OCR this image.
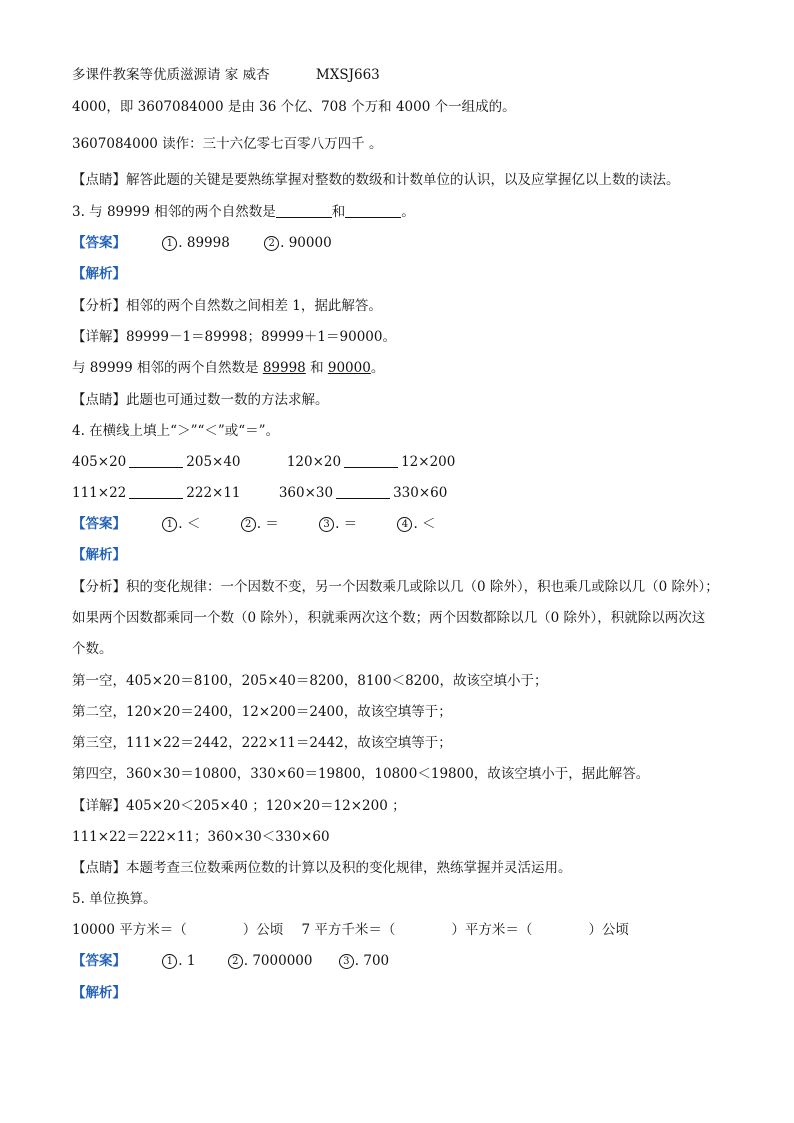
多课件教案等优质滋源请 家 威杏	MXSJ663
4000，即 3607084000 是由 36 个亿、708 个万和 4000 个一组成的。
3607084000 读作：三十六亿零七百零八万四千 。
【点睛】解答此题的关键是要熟练掌握对整数的数级和计数单位的认识，以及应掌握亿以上数的读法。
3. 与 89999 相邻的两个自然数是	和	。
【答案】	1 . 89998	2 . 90000
【解析】
【分析】相邻的两个自然数之间相差 1，据此解答。
【详解】89999－1＝89998；89999＋1＝90000。
与 89999 相邻的两个自然数是 89998 和 90000。
【点睛】此题也可通过数一数的方法求解。
4. 在横线上填上“＞”“＜”或“＝”。
405×20	205×40	120×20	12×200
111×22	222×11	360×30	330×60
【答案】	1 . ＜	2 . ＝	3 . ＝	4 . ＜
【解析】
【分析】积的变化规律：一个因数不变，另一个因数乘几或除以几（0 除外），积也乘几或除以几（0 除外）；
如果两个因数都乘同一个数（0 除外），积就乘两次这个数；两个因数都除以几（0 除外），积就除以两次这
个数。
第一空，405×20＝8100，205×40＝8200，8100＜8200，故该空填小于；
第二空，120×20＝2400，12×200＝2400，故该空填等于；
第三空，111×22＝2442，222×11＝2442，故该空填等于；
第四空，360×30＝10800，330×60＝19800，10800＜19800，故该空填小于，据此解答。
【详解】405×20＜205×40 ；120×20＝12×200 ；
111×22＝222×11；360×30＜330×60
【点睛】本题考查三位数乘两位数的计算以及积的变化规律，熟练掌握并灵活运用。
5. 单位换算。
10000 平方米＝（	）公顷 7 平方千米＝（	）平方米＝（	）公顷
【答案】	1 . 1	2 . 7000000	3 . 700
【解析】
